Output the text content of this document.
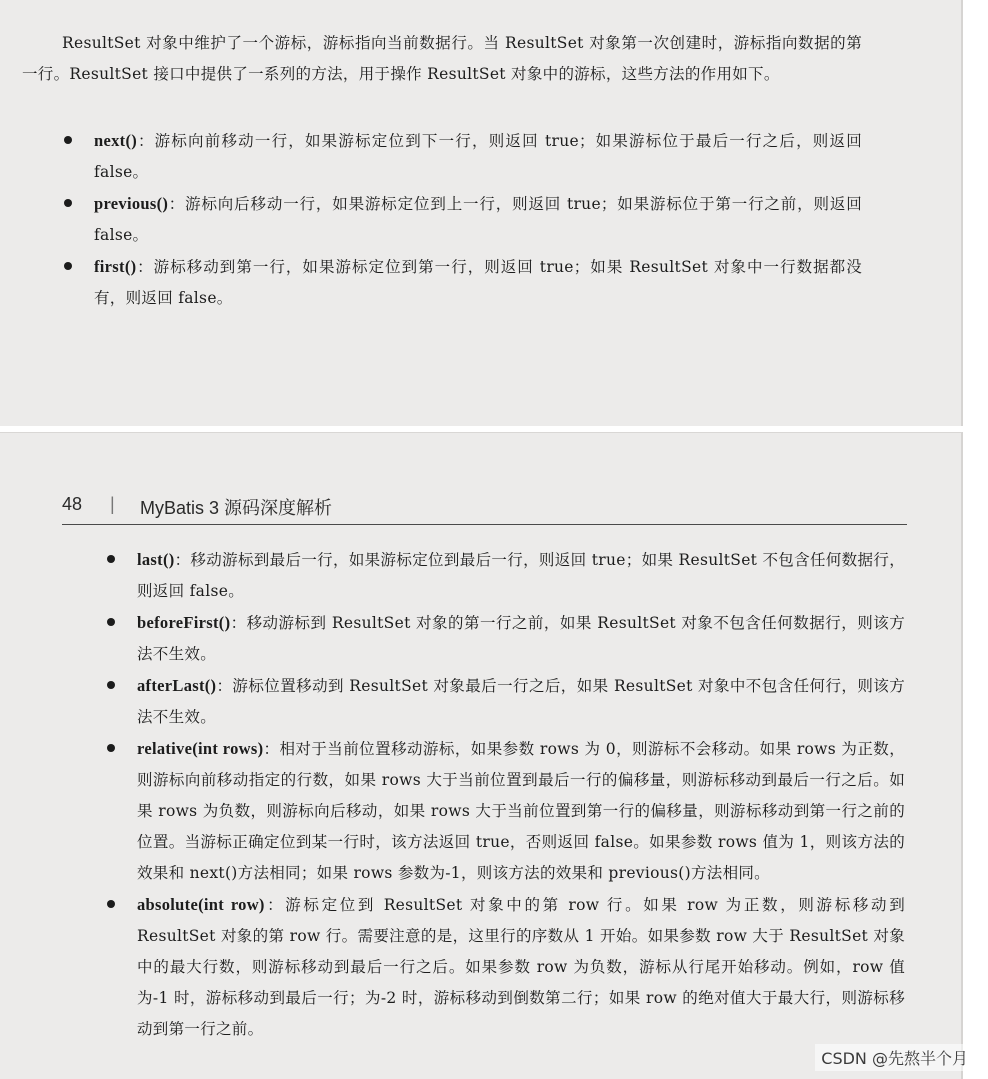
ResultSet 对象中维护了一个游标，游标指向当前数据行。当 ResultSet 对象第一次创建时，游标指向数据的第一行。ResultSet 接口中提供了一系列的方法，用于操作 ResultSet 对象中的游标，这些方法的作用如下。

next()：游标向前移动一行，如果游标定位到下一行，则返回 true；如果游标位于最后一行之后，则返回 false。
previous()：游标向后移动一行，如果游标定位到上一行，则返回 true；如果游标位于第一行之前，则返回 false。
first()：游标移动到第一行，如果游标定位到第一行，则返回 true；如果 ResultSet 对象中一行数据都没有，则返回 false。
48 | MyBatis 3 源码深度解析
last()：移动游标到最后一行，如果游标定位到最后一行，则返回 true；如果 ResultSet 不包含任何数据行，则返回 false。
beforeFirst()：移动游标到 ResultSet 对象的第一行之前，如果 ResultSet 对象不包含任何数据行，则该方法不生效。
afterLast()：游标位置移动到 ResultSet 对象最后一行之后，如果 ResultSet 对象中不包含任何行，则该方法不生效。
relative(int rows)：相对于当前位置移动游标，如果参数 rows 为 0，则游标不会移动。如果 rows 为正数，则游标向前移动指定的行数，如果 rows 大于当前位置到最后一行的偏移量，则游标移动到最后一行之后。如果 rows 为负数，则游标向后移动，如果 rows 大于当前位置到第一行的偏移量，则游标移动到第一行之前的位置。当游标正确定位到某一行时，该方法返回 true，否则返回 false。如果参数 rows 值为 1，则该方法的效果和 next()方法相同；如果 rows 参数为-1，则该方法的效果和 previous()方法相同。
absolute(int row)：游标定位到 ResultSet 对象中的第 row 行。如果 row 为正数，则游标移动到 ResultSet 对象的第 row 行。需要注意的是，这里行的序数从 1 开始。如果参数 row 大于 ResultSet 对象中的最大行数，则游标移动到最后一行之后。如果参数 row 为负数，游标从行尾开始移动。例如，row 值为-1 时，游标移动到最后一行；为-2 时，游标移动到倒数第二行；如果 row 的绝对值大于最大行，则游标移动到第一行之前。
CSDN @先熬半个月
